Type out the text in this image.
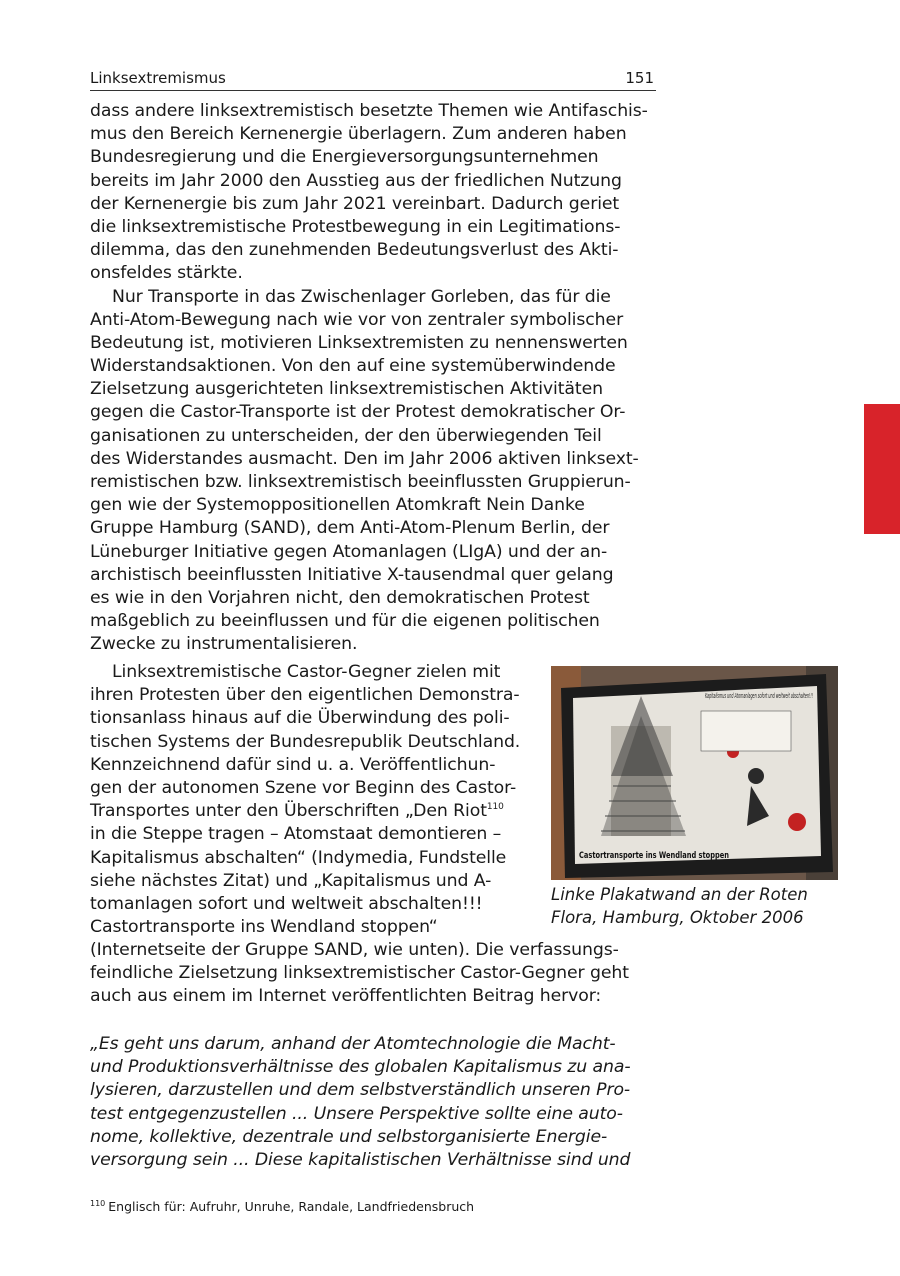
Linksextremismus	151
dass andere linksextremistisch besetzte Themen wie Antifaschis-
mus den Bereich Kernenergie überlagern. Zum anderen haben
Bundesregierung und die Energieversorgungsunternehmen
bereits im Jahr 2000 den Ausstieg aus der friedlichen Nutzung
der Kernenergie bis zum Jahr 2021 vereinbart. Dadurch geriet
die linksextremistische Protestbewegung in ein Legitimations-
dilemma, das den zunehmenden Bedeutungsverlust des Akti-
onsfeldes stärkte.
Nur Transporte in das Zwischenlager Gorleben, das für die
Anti-Atom-Bewegung nach wie vor von zentraler symbolischer
Bedeutung ist, motivieren Linksextremisten zu nennenswerten
Widerstandsaktionen. Von den auf eine systemüberwindende
Zielsetzung ausgerichteten linksextremistischen Aktivitäten
gegen die Castor-Transporte ist der Protest demokratischer Or-
ganisationen zu unterscheiden, der den überwiegenden Teil
des Widerstandes ausmacht. Den im Jahr 2006 aktiven linksext-
remistischen bzw. linksextremistisch beeinflussten Gruppierun-
gen wie der Systemoppositionellen Atomkraft Nein Danke
Gruppe Hamburg (SAND), dem Anti-Atom-Plenum Berlin, der
Lüneburger Initiative gegen Atomanlagen (LIgA) und der an-
archistisch beeinflussten Initiative X-tausendmal quer gelang
es wie in den Vorjahren nicht, den demokratischen Protest
maßgeblich zu beeinflussen und für die eigenen politischen
Zwecke zu instrumentalisieren.
Linksextremistische Castor-Gegner zielen mit
ihren Protesten über den eigentlichen Demonstra-
tionsanlass hinaus auf die Überwindung des poli-
tischen Systems der Bundesrepublik Deutschland.
Kennzeichnend dafür sind u. a. Veröffentlichun-
gen der autonomen Szene vor Beginn des Castor-
Transportes unter den Überschriften „Den Riot$^{110}$
in die Steppe tragen – Atomstaat demontieren –
Kapitalismus abschalten“ (Indymedia, Fundstelle
siehe nächstes Zitat) und „Kapitalismus und A-
tomanlagen sofort und weltweit abschalten!!!
Castortransporte ins Wendland stoppen“
(Internetseite der Gruppe SAND, wie unten). Die verfassungs-
feindliche Zielsetzung linksextremistischer Castor-Gegner geht
auch aus einem im Internet veröffentlichten Beitrag hervor:
„Es geht uns darum, anhand der Atomtechnologie die Macht-
und Produktionsverhältnisse des globalen Kapitalismus zu ana-
lysieren, darzustellen und dem selbstverständlich unseren Pro-
test entgegenzustellen ... Unsere Perspektive sollte eine auto-
nome, kollektive, dezentrale und selbstorganisierte Energie-
versorgung sein ... Diese kapitalistischen Verhältnisse sind und
Kapitalismus und Atomanlagen sofort und weltweit abschalten!!!
Castortransporte ins Wendland stoppen
Linke Plakatwand an der Roten
Flora, Hamburg, Oktober 2006
$^{110}$ Englisch für: Aufruhr, Unruhe, Randale, Landfriedensbruch
